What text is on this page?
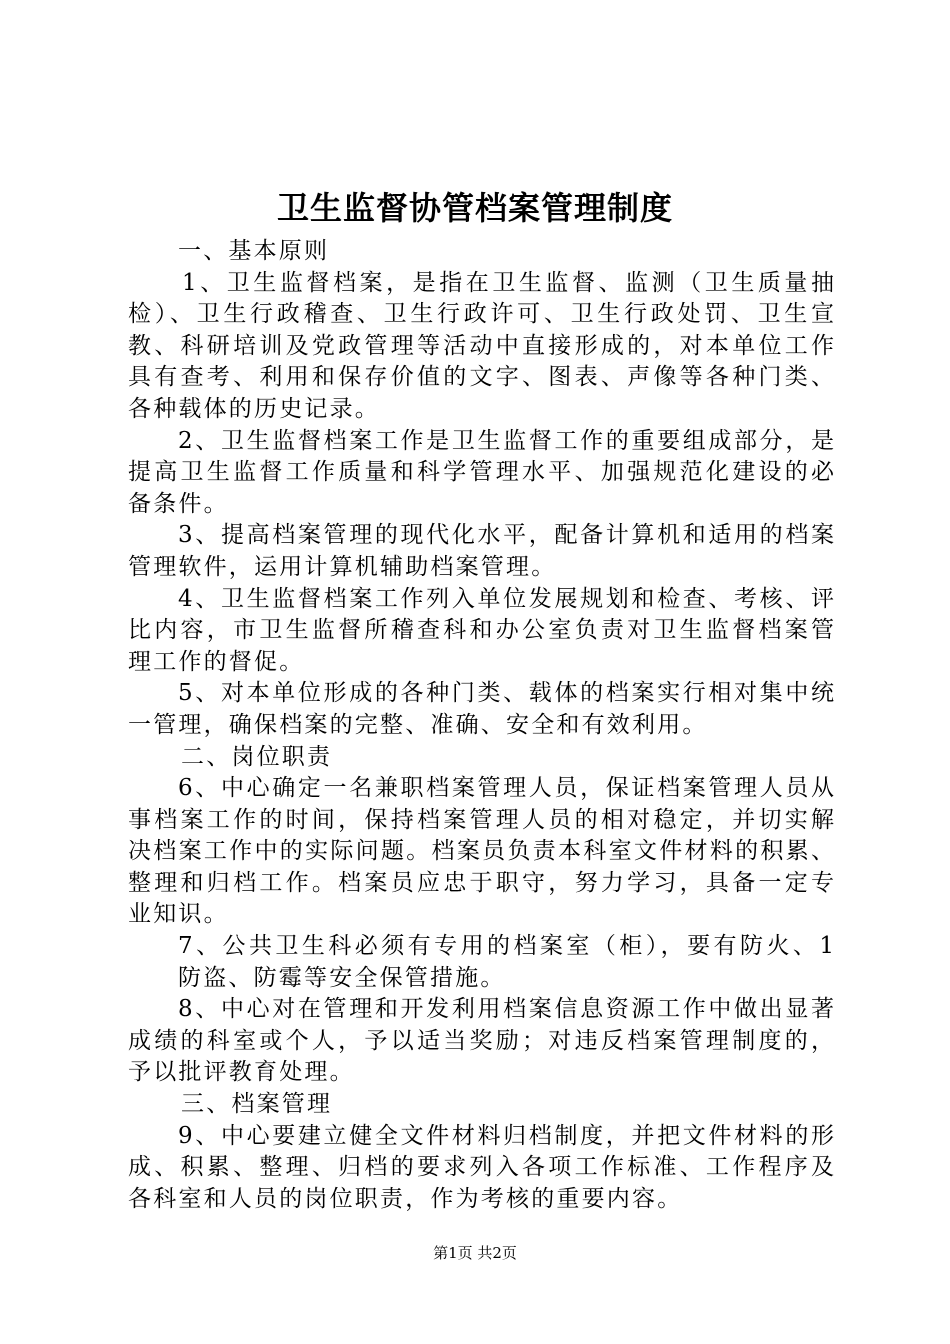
卫生监督协管档案管理制度
一、基本原则
1、卫生监督档案，是指在卫生监督、监测（卫生质量抽
检）、卫生行政稽查、卫生行政许可、卫生行政处罚、卫生宣
教、科研培训及党政管理等活动中直接形成的，对本单位工作
具有查考、利用和保存价值的文字、图表、声像等各种门类、
各种载体的历史记录。
2、卫生监督档案工作是卫生监督工作的重要组成部分，是
提高卫生监督工作质量和科学管理水平、加强规范化建设的必
备条件。
3、提高档案管理的现代化水平，配备计算机和适用的档案
管理软件，运用计算机辅助档案管理。
4、卫生监督档案工作列入单位发展规划和检查、考核、评
比内容，市卫生监督所稽查科和办公室负责对卫生监督档案管
理工作的督促。
5、对本单位形成的各种门类、载体的档案实行相对集中统
一管理，确保档案的完整、准确、安全和有效利用。
二、岗位职责
6、中心确定一名兼职档案管理人员，保证档案管理人员从
事档案工作的时间，保持档案管理人员的相对稳定，并切实解
决档案工作中的实际问题。档案员负责本科室文件材料的积累、
整理和归档工作。档案员应忠于职守，努力学习，具备一定专
业知识。
7、公共卫生科必须有专用的档案室（柜），要有防火、1
防盗、防霉等安全保管措施。
8、中心对在管理和开发利用档案信息资源工作中做出显著
成绩的科室或个人，予以适当奖励；对违反档案管理制度的，
予以批评教育处理。
三、档案管理
9、中心要建立健全文件材料归档制度，并把文件材料的形
成、积累、整理、归档的要求列入各项工作标准、工作程序及
各科室和人员的岗位职责，作为考核的重要内容。
第1页 共2页
